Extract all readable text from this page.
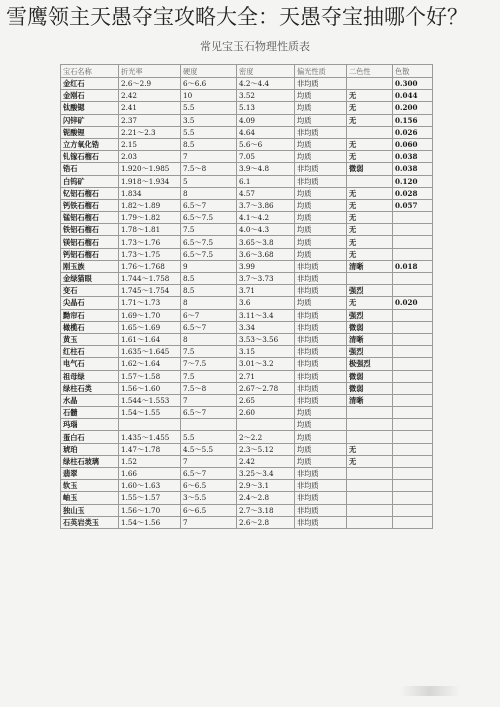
雪鹰领主天愚夺宝攻略大全：天愚夺宝抽哪个好？
常见宝玉石物理性质表
宝石名称	折光率	硬度	密度	偏光性质	二色性	色散
金红石	2.6～2.9	6～6.6	4.2～4.4	非均质		0.300
金刚石	2.42	10	3.52	均质	无	0.044
钛酸锶	2.41	5.5	5.13	均质	无	0.200
闪锌矿	2.37	3.5	4.09	均质	无	0.156
铌酸锂	2.21～2.3	5.5	4.64	非均质		0.026
立方氧化锆	2.15	8.5	5.6～6	均质	无	0.060
钆镓石榴石	2.03	7	7.05	均质	无	0.038
锆石	1.920～1.985	7.5～8	3.9～4.8	非均质	微弱	0.038
白钨矿	1.918～1.934	5	6.1	非均质		0.120
钇铝石榴石	1.834	8	4.57	均质	无	0.028
钙铁石榴石	1.82～1.89	6.5～7	3.7～3.86	均质	无	0.057
锰铝石榴石	1.79～1.82	6.5～7.5	4.1～4.2	均质	无	
铁铝石榴石	1.78～1.81	7.5	4.0～4.3	均质	无	
镁铝石榴石	1.73～1.76	6.5～7.5	3.65～3.8	均质	无	
钙铝石榴石	1.73～1.75	6.5～7.5	3.6～3.68	均质	无	
刚玉族	1.76～1.768	9	3.99	非均质	清晰	0.018
金绿猫眼	1.744～1.758	8.5	3.7～3.73	非均质		
变石	1.745～1.754	8.5	3.71	非均质	强烈	
尖晶石	1.71～1.73	8	3.6	均质	无	0.020
黝帘石	1.69～1.70	6～7	3.11～3.4	非均质	强烈	
橄榄石	1.65～1.69	6.5～7	3.34	非均质	微弱	
黄玉	1.61～1.64	8	3.53～3.56	非均质	清晰	
红柱石	1.635～1.645	7.5	3.15	非均质	强烈	
电气石	1.62～1.64	7～7.5	3.01～3.2	非均质	极强烈	
祖母绿	1.57～1.58	7.5	2.71	非均质	微弱	
绿柱石类	1.56～1.60	7.5～8	2.67～2.78	非均质	微弱	
水晶	1.544～1.553	7	2.65	非均质	清晰	
石髓	1.54～1.55	6.5～7	2.60	均质		
玛瑙				均质		
蛋白石	1.435～1.455	5.5	2～2.2	均质		
琥珀	1.47～1.78	4.5～5.5	2.3～5.12	均质	无	
绿柱石玻璃	1.52	7	2.42	均质	无	
翡翠	1.66	6.5～7	3.25～3.4	非均质		
软玉	1.60～1.63	6～6.5	2.9～3.1	非均质		
岫玉	1.55～1.57	3～5.5	2.4～2.8	非均质		
独山玉	1.56～1.70	6～6.5	2.7～3.18	非均质		
石英岩类玉	1.54～1.56	7	2.6～2.8	非均质		
